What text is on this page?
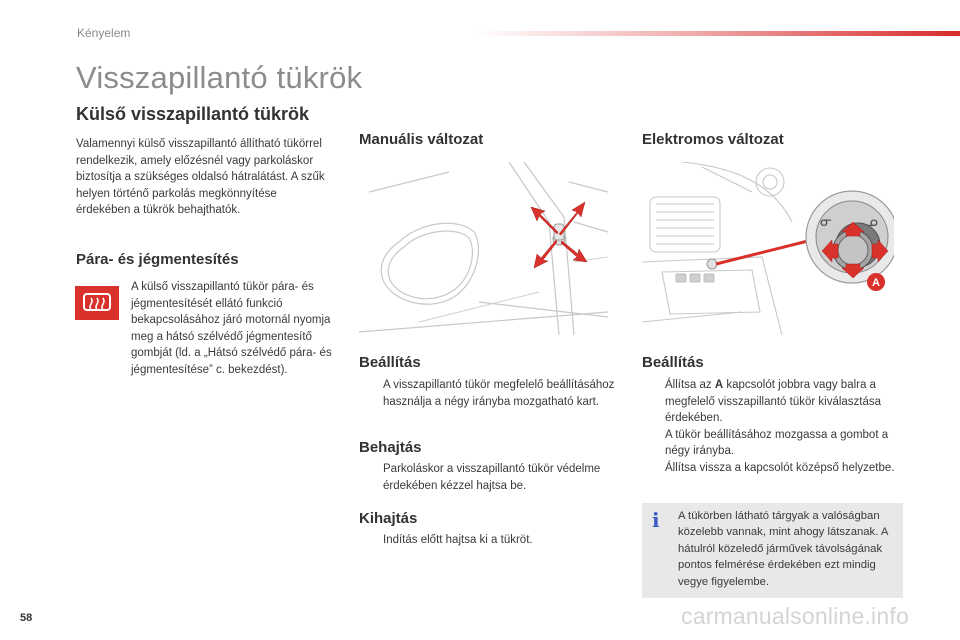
Kényelem
Visszapillantó tükrök
Külső visszapillantó tükrök
Valamennyi külső visszapillantó állítható tükörrel rendelkezik, amely előzésnél vagy parkoláskor biztosítja a szükséges oldalsó hátralátást. A szűk helyen történő parkolás megkönnyítése érdekében a tükrök behajthatók.
Pára- és jégmentesítés
A külső visszapillantó tükör pára- és jégmentesítését ellátó funkció bekapcsolásához járó motornál nyomja meg a hátsó szélvédő jégmentesítő gombját (ld. a „Hátsó szélvédő pára- és jégmentesítése” c. bekezdést).
Manuális változat	Elektromos változat
ᓂ ᓄ
A
Beállítás
A visszapillantó tükör megfelelő beállításához használja a négy irányba mozgatható kart.
Behajtás
Parkoláskor a visszapillantó tükör védelme érdekében kézzel hajtsa be.
Kihajtás
Indítás előtt hajtsa ki a tükröt.
Beállítás
Állítsa az A kapcsolót jobbra vagy balra a megfelelő visszapillantó tükör kiválasztása érdekében.
A tükör beállításához mozgassa a gombot a négy irányba.
Állítsa vissza a kapcsolót középső helyzetbe.
i A tükörben látható tárgyak a valóságban közelebb vannak, mint ahogy látszanak. A hátulról közeledő járművek távolságának pontos felmérése érdekében ezt mindig vegye figyelembe.
58	carmanualsonline.info
